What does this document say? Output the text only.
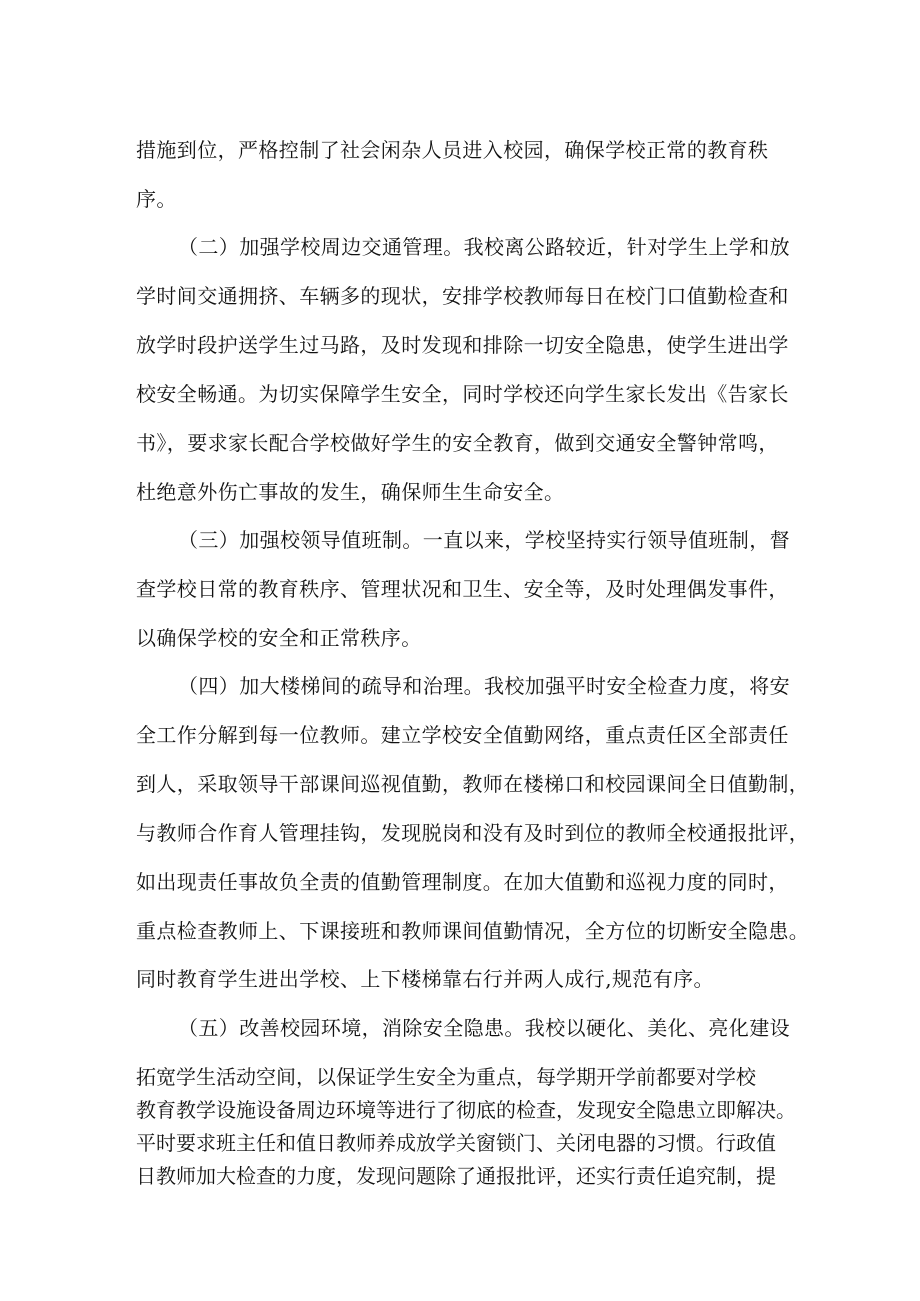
措施到位，严格控制了社会闲杂人员进入校园，确保学校正常的教育秩
序。
（二）加强学校周边交通管理。我校离公路较近，针对学生上学和放
学时间交通拥挤、车辆多的现状，安排学校教师每日在校门口值勤检查和
放学时段护送学生过马路，及时发现和排除一切安全隐患，使学生进出学
校安全畅通。为切实保障学生安全，同时学校还向学生家长发出《告家长
书》，要求家长配合学校做好学生的安全教育，做到交通安全警钟常鸣，
杜绝意外伤亡事故的发生，确保师生生命安全。
（三）加强校领导值班制。一直以来，学校坚持实行领导值班制，督
查学校日常的教育秩序、管理状况和卫生、安全等，及时处理偶发事件，
以确保学校的安全和正常秩序。
（四）加大楼梯间的疏导和治理。我校加强平时安全检查力度，将安
全工作分解到每一位教师。建立学校安全值勤网络，重点责任区全部责任
到人，采取领导干部课间巡视值勤，教师在楼梯口和校园课间全日值勤制，
与教师合作育人管理挂钩，发现脱岗和没有及时到位的教师全校通报批评，
如出现责任事故负全责的值勤管理制度。在加大值勤和巡视力度的同时，
重点检查教师上、下课接班和教师课间值勤情况，全方位的切断安全隐患。
同时教育学生进出学校、上下楼梯靠右行并两人成行,规范有序。
（五）改善校园环境，消除安全隐患。我校以硬化、美化、亮化建设
拓宽学生活动空间，以保证学生安全为重点，每学期开学前都要对学校
教育教学设施设备周边环境等进行了彻底的检查，发现安全隐患立即解决。
平时要求班主任和值日教师养成放学关窗锁门、关闭电器的习惯。行政值
日教师加大检查的力度，发现问题除了通报批评，还实行责任追究制，提
